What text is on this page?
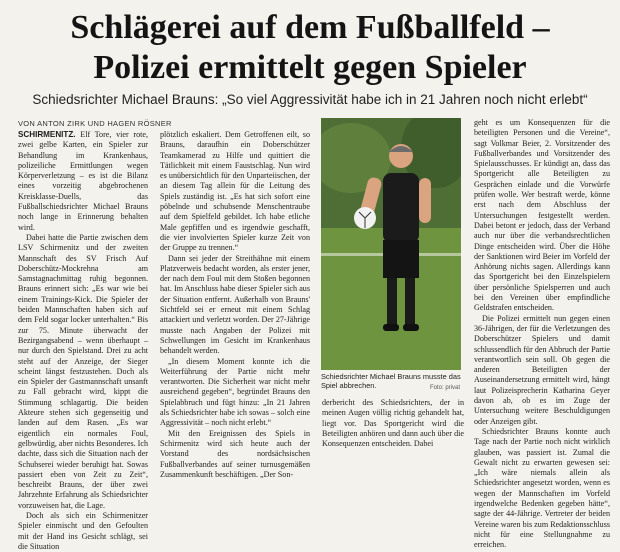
Schlägerei auf dem Fußballfeld –
Polizei ermittelt gegen Spieler
Schiedsrichter Michael Brauns: „So viel Aggressivität habe ich in 21 Jahren noch nicht erlebt“
VON ANTON ZIRK UND HAGEN RÖSNER

SCHIRMENITZ. Elf Tore, vier rote, zwei gelbe Karten, ein Spieler zur Behandlung im Krankenhaus, polizeiliche Ermittlungen wegen Körperverletzung – es ist die Bilanz eines vorzeitig abgebrochenen Kreisklasse-Duells, das Fußballschiedsrichter Michael Brauns noch lange in Erinnerung behalten wird.

Dabei hatte die Partie zwischen dem LSV Schirmenitz und der zweiten Mannschaft des SV Frisch Auf Doberschütz-Mockrehna am Samstagnachmittag ruhig begonnen. Brauns erinnert sich: „Es war wie bei einem Trainings-Kick. Die Spieler der beiden Mannschaften haben sich auf dem Feld sogar locker unterhalten.“ Bis zur 75. Minute überwacht der Bezirgangsabend – wenn überhaupt – nur durch den Spielstand. Drei zu acht steht auf der Anzeige, der Sieger scheint längst festzustehen. Doch als ein Spieler der Gastmannschaft unsanft zu Fall gebracht wird, kippt die Stimmung schlagartig. Die beiden Akteure stehen sich gegenseitig und landen auf dem Rasen. „Es war eigentlich ein normales Foul, gelbwürdig, aber nichts Besonderes. Ich dachte, dass sich die Situation nach der Schubserei wieder beruhigt hat. Sowas passiert eben von Zeit zu Zeit“, beschreibt Brauns, der über zwei Jahrzehnte Erfahrung als Schiedsrichter vorzuweisen hat, die Lage.

Doch als sich ein Schirmenitzer Spieler einmischt und den Gefoulten mit der Hand ins Gesicht schlägt, sei die Situation

plötzlich eskaliert. Dem Getroffenen eilt, so Brauns, daraufhin ein Doberschützer Teamkamerad zu Hilfe und quittiert die Tätlichkeit mit einem Faustschlag. Nun wird es unübersichtlich für den Unparteiischen, der an diesem Tag allein für die Leitung des Spiels zuständig ist. „Es hat sich sofort eine pöbelnde und schubsende Menschentraube auf dem Spielfeld gebildet. Ich habe etliche Male gepfiffen und es irgendwie geschafft, die vier involvierten Spieler kurze Zeit von der Gruppe zu trennen.“

Dann sei jeder der Streithähne mit einem Platzverweis bedacht worden, als erster jener, der nach dem Foul mit dem Stoßen begonnen hat. Im Anschluss habe dieser Spieler sich aus der Situation entfernt. Außerhalb von Brauns' Sichtfeld sei er erneut mit einem Schlag attackiert und verletzt worden. Der 27-Jährige musste nach Angaben der Polizei mit Schwellungen im Gesicht im Krankenhaus behandelt werden.

„In diesem Moment konnte ich die Weiterführung der Partie nicht mehr verantworten. Die Sicherheit war nicht mehr ausreichend gegeben“, begründet Brauns den Spielabbruch und fügt hinzu: „In 21 Jahren als Schiedsrichter habe ich sowas – solch eine Aggressivität – noch nicht erlebt.“

Mit den Ereignissen des Spiels in Schirmenitz wird sich heute auch der Vorstand des nordsächsischen Fußballverbandes auf seiner turnusgemäßen Zusammenkunft beschäftigen. „Der Son-

Schiedsrichter Michael Brauns musste das Spiel abbrechen.	Foto: privat

derbericht des Schiedsrichters, der in meinen Augen völlig richtig gehandelt hat, liegt vor. Das Sportgericht wird die Beteiligten anhören und dann auch über die Konsequenzen entscheiden. Dabei

geht es um Konsequenzen für die beteiligten Personen und die Vereine“, sagt Volkmar Beier, 2. Vorsitzender des Fußballverbandes und Vorsitzender des Spielausschusses. Er kündigt an, dass das Sportgericht alle Beteiligten zu Gesprächen einlade und die Vorwürfe prüfen wolle. Wer bestraft werde, könne erst nach dem Abschluss der Untersuchungen festgestellt werden. Dabei betont er jedoch, dass der Verband auch nur über die verbandsrechtlichen Dinge entscheiden wird. Über die Höhe der Sanktionen wird Beier im Vorfeld der Anhörung nichts sagen. Allerdings kann das Sportgericht bei den Einzelspielern über persönliche Spielsperren und auch bei den Vereinen über empfindliche Geldstrafen entscheiden.

Die Polizei ermittelt nun gegen einen 36-Jährigen, der für die Verletzungen des Doberschützer Spielers und damit schlussendlich für den Abbruch der Partie verantwortlich sein soll. Ob gegen die anderen Beteiligten der Auseinandersetzung ermittelt wird, hängt laut Polizeisprecherin Katharina Geyer davon ab, ob es im Zuge der Untersuchung weitere Beschuldigungen oder Anzeigen gibt.

Schiedsrichter Brauns konnte auch Tage nach der Partie noch nicht wirklich glauben, was passiert ist. Zumal die Gewalt nicht zu erwarten gewesen sei: „Ich wäre niemals allein als Schiedsrichter angesetzt worden, wenn es wegen der Mannschaften im Vorfeld irgendwelche Bedenken gegeben hätte“, sagte der 44-Jährige. Vertreter der beiden Vereine waren bis zum Redaktionsschluss nicht für eine Stellungnahme zu erreichen.
